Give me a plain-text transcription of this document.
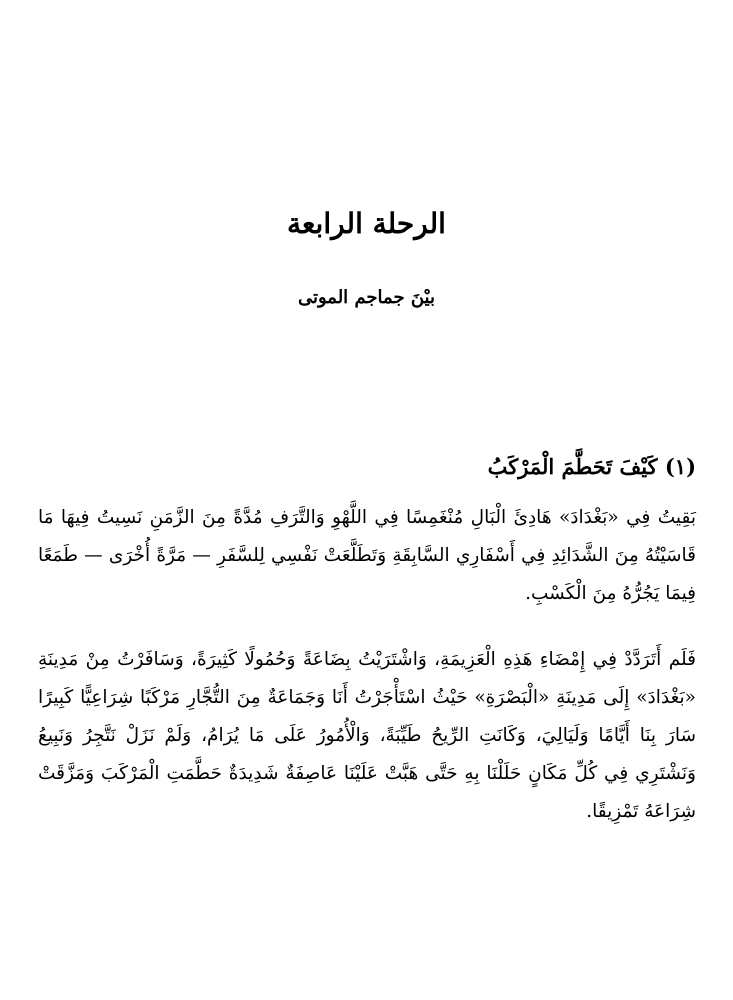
الرحلة الرابعة
بيْنَ جماجم الموتى
(١) كَيْفَ تَحَطَّمَ الْمَرْكَبُ

بَقِيتُ فِي «بَغْدَادَ» هَادِئَ الْبَالِ مُنْغَمِسًا فِي اللَّهْوِ وَالتَّرَفِ مُدَّةً مِنَ الزَّمَنِ نَسِيتُ فِيهَا مَا قَاسَيْتُهُ مِنَ الشَّدَائِدِ فِي أَسْفَارِي السَّابِقَةِ وَتَطَلَّعَتْ نَفْسِي لِلسَّفَرِ — مَرَّةً أُخْرَى — طَمَعًا فِيمَا يَجُرُّهُ مِنَ الْكَسْبِ.

فَلَم أَتَرَدَّدْ فِي إِمْضَاءِ هَذِهِ الْعَزِيمَةِ، وَاشْتَرَيْتُ بِضَاعَةً وَحُمُولًا كَثِيرَةً، وَسَافَرْتُ مِنْ مَدِينَةِ «بَغْدَادَ» إِلَى مَدِينَةِ «الْبَصْرَةِ» حَيْثُ اسْتَأْجَرْتُ أَنَا وَجَمَاعَةٌ مِنَ التُّجَّارِ مَرْكَبًا شِرَاعِيًّا كَبِيرًا سَارَ بِنَا أَيَّامًا وَلَيَالِيَ، وَكَانَتِ الرِّيحُ طَيِّبَةً، وَالْأُمُورُ عَلَى مَا يُرَامُ، وَلَمْ نَزَلْ نَتَّجِرُ وَنَبِيعُ وَنَشْتَرِي فِي كُلِّ مَكَانٍ حَلَلْنَا بِهِ حَتَّى هَبَّتْ عَلَيْنَا عَاصِفَةٌ شَدِيدَةٌ حَطَّمَتِ الْمَرْكَبَ وَمَزَّقَتْ شِرَاعَهُ تَمْزِيقًا.
